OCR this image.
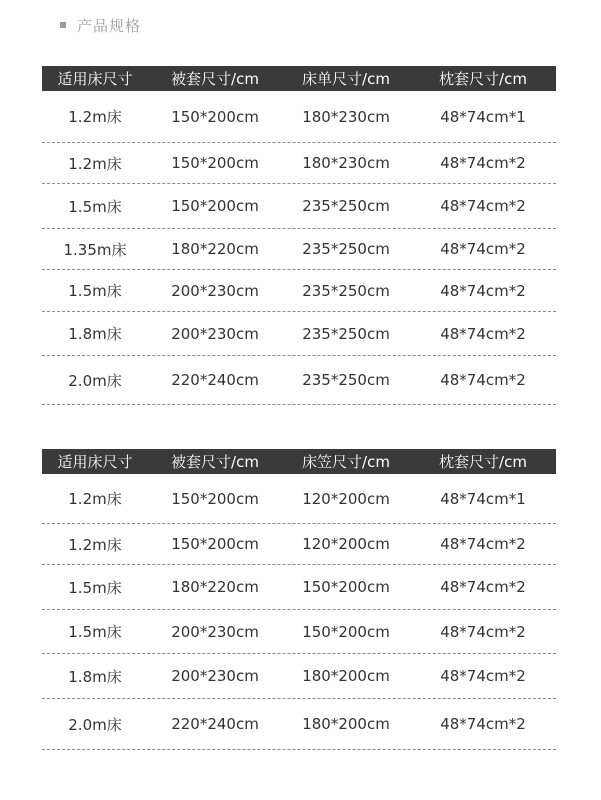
产品规格
适用床尺寸	被套尺寸/cm	床单尺寸/cm	枕套尺寸/cm
1.2m床	150*200cm	180*230cm	48*74cm*1
1.2m床	150*200cm	180*230cm	48*74cm*2
1.5m床	150*200cm	235*250cm	48*74cm*2
1.35m床	180*220cm	235*250cm	48*74cm*2
1.5m床	200*230cm	235*250cm	48*74cm*2
1.8m床	200*230cm	235*250cm	48*74cm*2
2.0m床	220*240cm	235*250cm	48*74cm*2
适用床尺寸	被套尺寸/cm	床笠尺寸/cm	枕套尺寸/cm
1.2m床	150*200cm	120*200cm	48*74cm*1
1.2m床	150*200cm	120*200cm	48*74cm*2
1.5m床	180*220cm	150*200cm	48*74cm*2
1.5m床	200*230cm	150*200cm	48*74cm*2
1.8m床	200*230cm	180*200cm	48*74cm*2
2.0m床	220*240cm	180*200cm	48*74cm*2
